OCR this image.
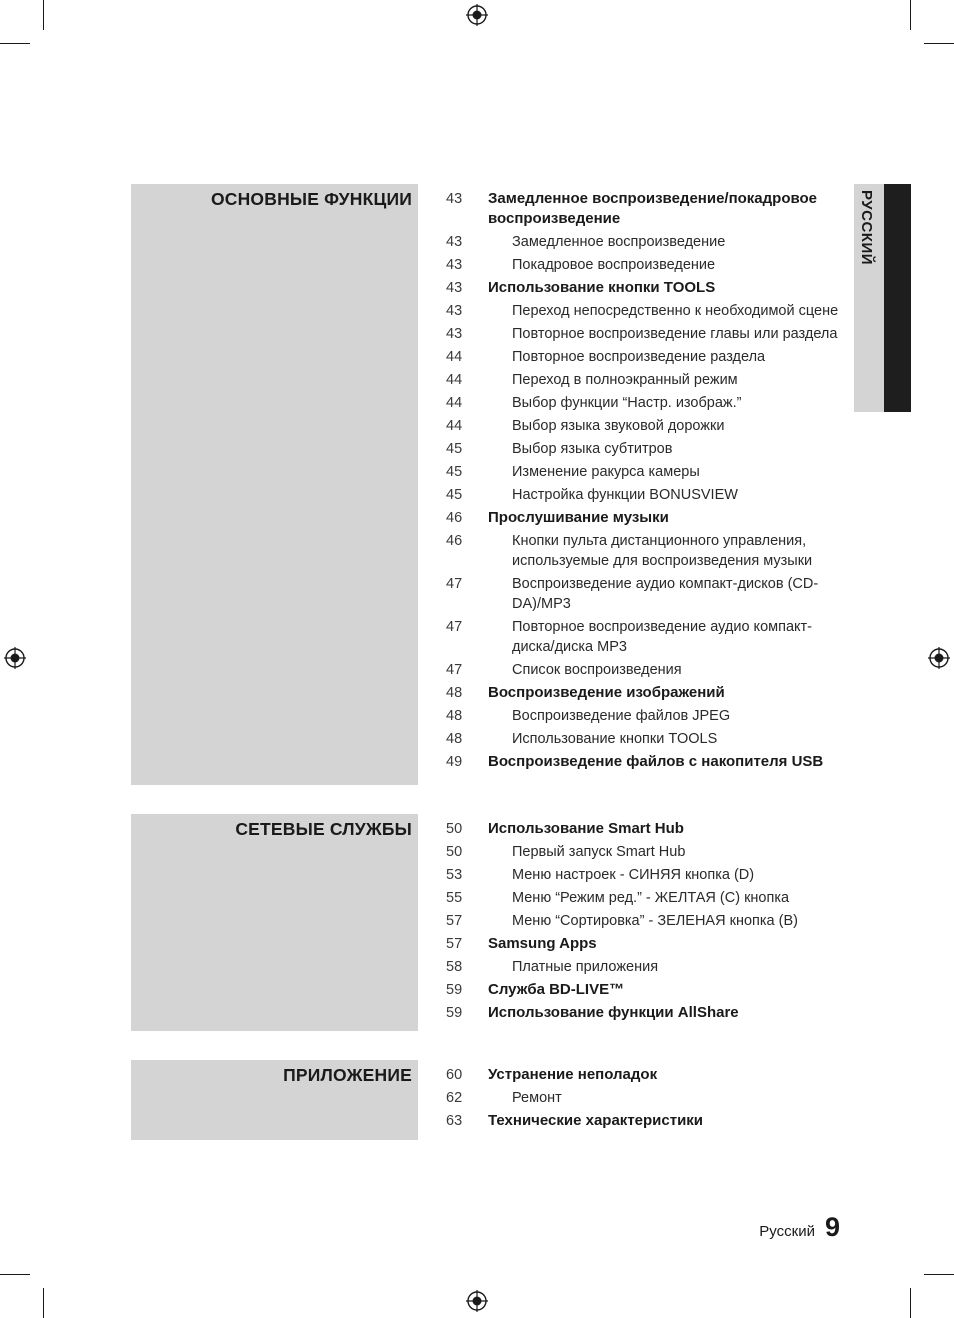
ОСНОВНЫЕ ФУНКЦИИ 43	Замедленное воспроизведение/покадровое воспроизведение
43	Замедленное воспроизведение
43	Покадровое воспроизведение
43	Использование кнопки TOOLS
43	Переход непосредственно к необходимой сцене
43	Повторное воспроизведение главы или раздела
44	Повторное воспроизведение раздела
44	Переход в полноэкранный режим
44	Выбор функции “Настр. изображ.”
44	Выбор языка звуковой дорожки
45	Выбор языка субтитров
45	Изменение ракурса камеры
45	Настройка функции BONUSVIEW
46	Прослушивание музыки
46	Кнопки пульта дистанционного управления, используемые для воспроизведения музыки
47	Воспроизведение аудио компакт-дисков (CD-DA)/MP3
47	Повторное воспроизведение аудио компакт-диска/диска MP3
47	Список воспроизведения
48	Воспроизведение изображений
48	Воспроизведение файлов JPEG
48	Использование кнопки TOOLS
49	Воспроизведение файлов с накопителя USB
СЕТЕВЫЕ СЛУЖБЫ 50	Использование Smart Hub
50	Первый запуск Smart Hub
53	Меню настроек - СИНЯЯ кнопка (D)
55	Меню “Режим ред.” - ЖЕЛТАЯ (C) кнопка
57	Меню “Сортировка” - ЗЕЛЕНАЯ кнопка (B)
57	Samsung Apps
58	Платные приложения
59	Служба BD-LIVE™
59	Использование функции AllShare
ПРИЛОЖЕНИЕ 60	Устранение неполадок
62	Ремонт
63	Технические характеристики
РУССКИЙ
Русский 9
